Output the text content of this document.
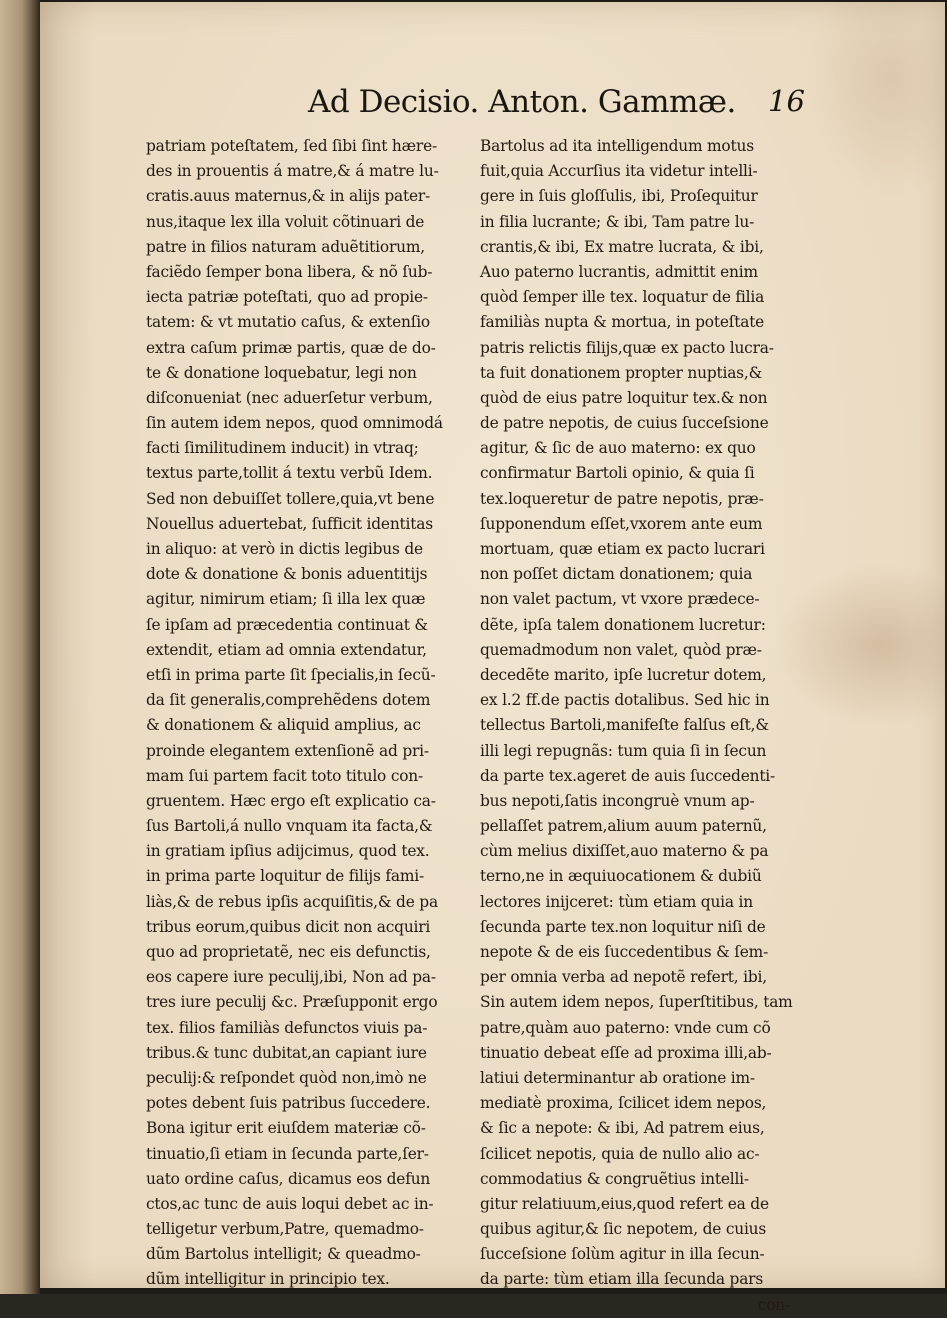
Ad Decisio. Anton. Gammæ. 16
patriam poteſtatem, ſed ſibi ſint hære-
des in prouentis á matre,& á matre lu-
cratis.auus maternus,& in alijs pater-
nus,itaque lex illa voluit cõtinuari de
patre in filios naturam aduẽtitiorum,
faciẽdo ſemper bona libera, & nõ ſub-
iecta patriæ poteſtati, quo ad propie-
tatem: & vt mutatio caſus, & extenſio
extra caſum primæ partis, quæ de do-
te & donatione loquebatur, legi non
diſconueniat (nec aduerſetur verbum,
ſin autem idem nepos, quod omnimodá
facti ſimilitudinem inducit) in vtraq;
textus parte,tollit á textu verbũ Idem.
Sed non debuiſſet tollere,quia,vt bene
Nouellus aduertebat, ſufficit identitas
in aliquo: at verò in dictis legibus de
dote & donatione & bonis aduentitijs
agitur, nimirum etiam; ſi illa lex quæ
ſe ipſam ad præcedentia continuat &
extendit, etiam ad omnia extendatur,
etſi in prima parte ſit ſpecialis,in ſecũ-
da ſit generalis,comprehẽdens dotem
& donationem & aliquid amplius, ac
proinde elegantem extenſionẽ ad pri-
mam ſui partem facit toto titulo con-
gruentem. Hæc ergo eſt explicatio ca-
ſus Bartoli,á nullo vnquam ita facta,&
in gratiam ipſius adijcimus, quod tex.
in prima parte loquitur de filijs fami-
liàs,& de rebus ipſis acquiſitis,& de pa
tribus eorum,quibus dicit non acquiri
quo ad proprietatẽ, nec eis defunctis,
eos capere iure peculij,ibi, Non ad pa-
tres iure peculij &c. Præſupponit ergo
tex. filios familiàs defunctos viuis pa-
tribus.& tunc dubitat,an capiant iure
peculij:& reſpondet quòd non,imò ne
potes debent ſuis patribus ſuccedere.
Bona igitur erit eiuſdem materiæ cõ-
tinuatio,ſi etiam in ſecunda parte,ſer-
uato ordine caſus, dicamus eos defun
ctos,ac tunc de auis loqui debet ac in-
telligetur verbum,Patre, quemadmo-
dũm Bartolus intelligit; & queadmo-
dũm intelligitur in principio tex.
Bartolus ad ita intelligendum motus
fuit,quia Accurſius ita videtur intelli-
gere in ſuis gloſſulis, ibi, Proſequitur
in filia lucrante; & ibi, Tam patre lu-
crantis,& ibi, Ex matre lucrata, & ibi,
Auo paterno lucrantis, admittit enim
quòd ſemper ille tex. loquatur de filia
familiàs nupta & mortua, in poteſtate
patris relictis filijs,quæ ex pacto lucra-
ta fuit donationem propter nuptias,&
quòd de eius patre loquitur tex.& non
de patre nepotis, de cuius ſucceſsione
agitur, & ſic de auo materno: ex quo
confirmatur Bartoli opinio, & quia ſi
tex.loqueretur de patre nepotis, præ-
ſupponendum eſſet,vxorem ante eum
mortuam, quæ etiam ex pacto lucrari
non poſſet dictam donationem; quia
non valet pactum, vt vxore prædece-
dẽte, ipſa talem donationem lucretur:
quemadmodum non valet, quòd præ-
decedẽte marito, ipſe lucretur dotem,
ex l.2 ff.de pactis dotalibus. Sed hic in
tellectus Bartoli,manifeſte falſus eſt,&
illi legi repugnãs: tum quia ſi in ſecun
da parte tex.ageret de auis ſuccedenti-
bus nepoti,ſatis incongruè vnum ap-
pellaſſet patrem,alium auum paternũ,
cùm melius dixiſſet,auo materno & pa
terno,ne in æquiuocationem & dubiũ
lectores inijceret: tùm etiam quia in
ſecunda parte tex.non loquitur niſi de
nepote & de eis ſuccedentibus & ſem-
per omnia verba ad nepotẽ refert, ibi,
Sin autem idem nepos, ſuperſtitibus, tam
patre,quàm auo paterno: vnde cum cõ
tinuatio debeat eſſe ad proxima illi,ab-
latiui determinantur ab oratione im-
mediatè proxima, ſcilicet idem nepos,
& ſic a nepote: & ibi, Ad patrem eius,
ſcilicet nepotis, quia de nullo alio ac-
commodatius & congruẽtius intelli-
gitur relatiuum,eius,quod refert ea de
quibus agitur,& ſic nepotem, de cuius
ſucceſsione ſolùm agitur in illa ſecun-
da parte: tùm etiam illa ſecunda pars
con-
